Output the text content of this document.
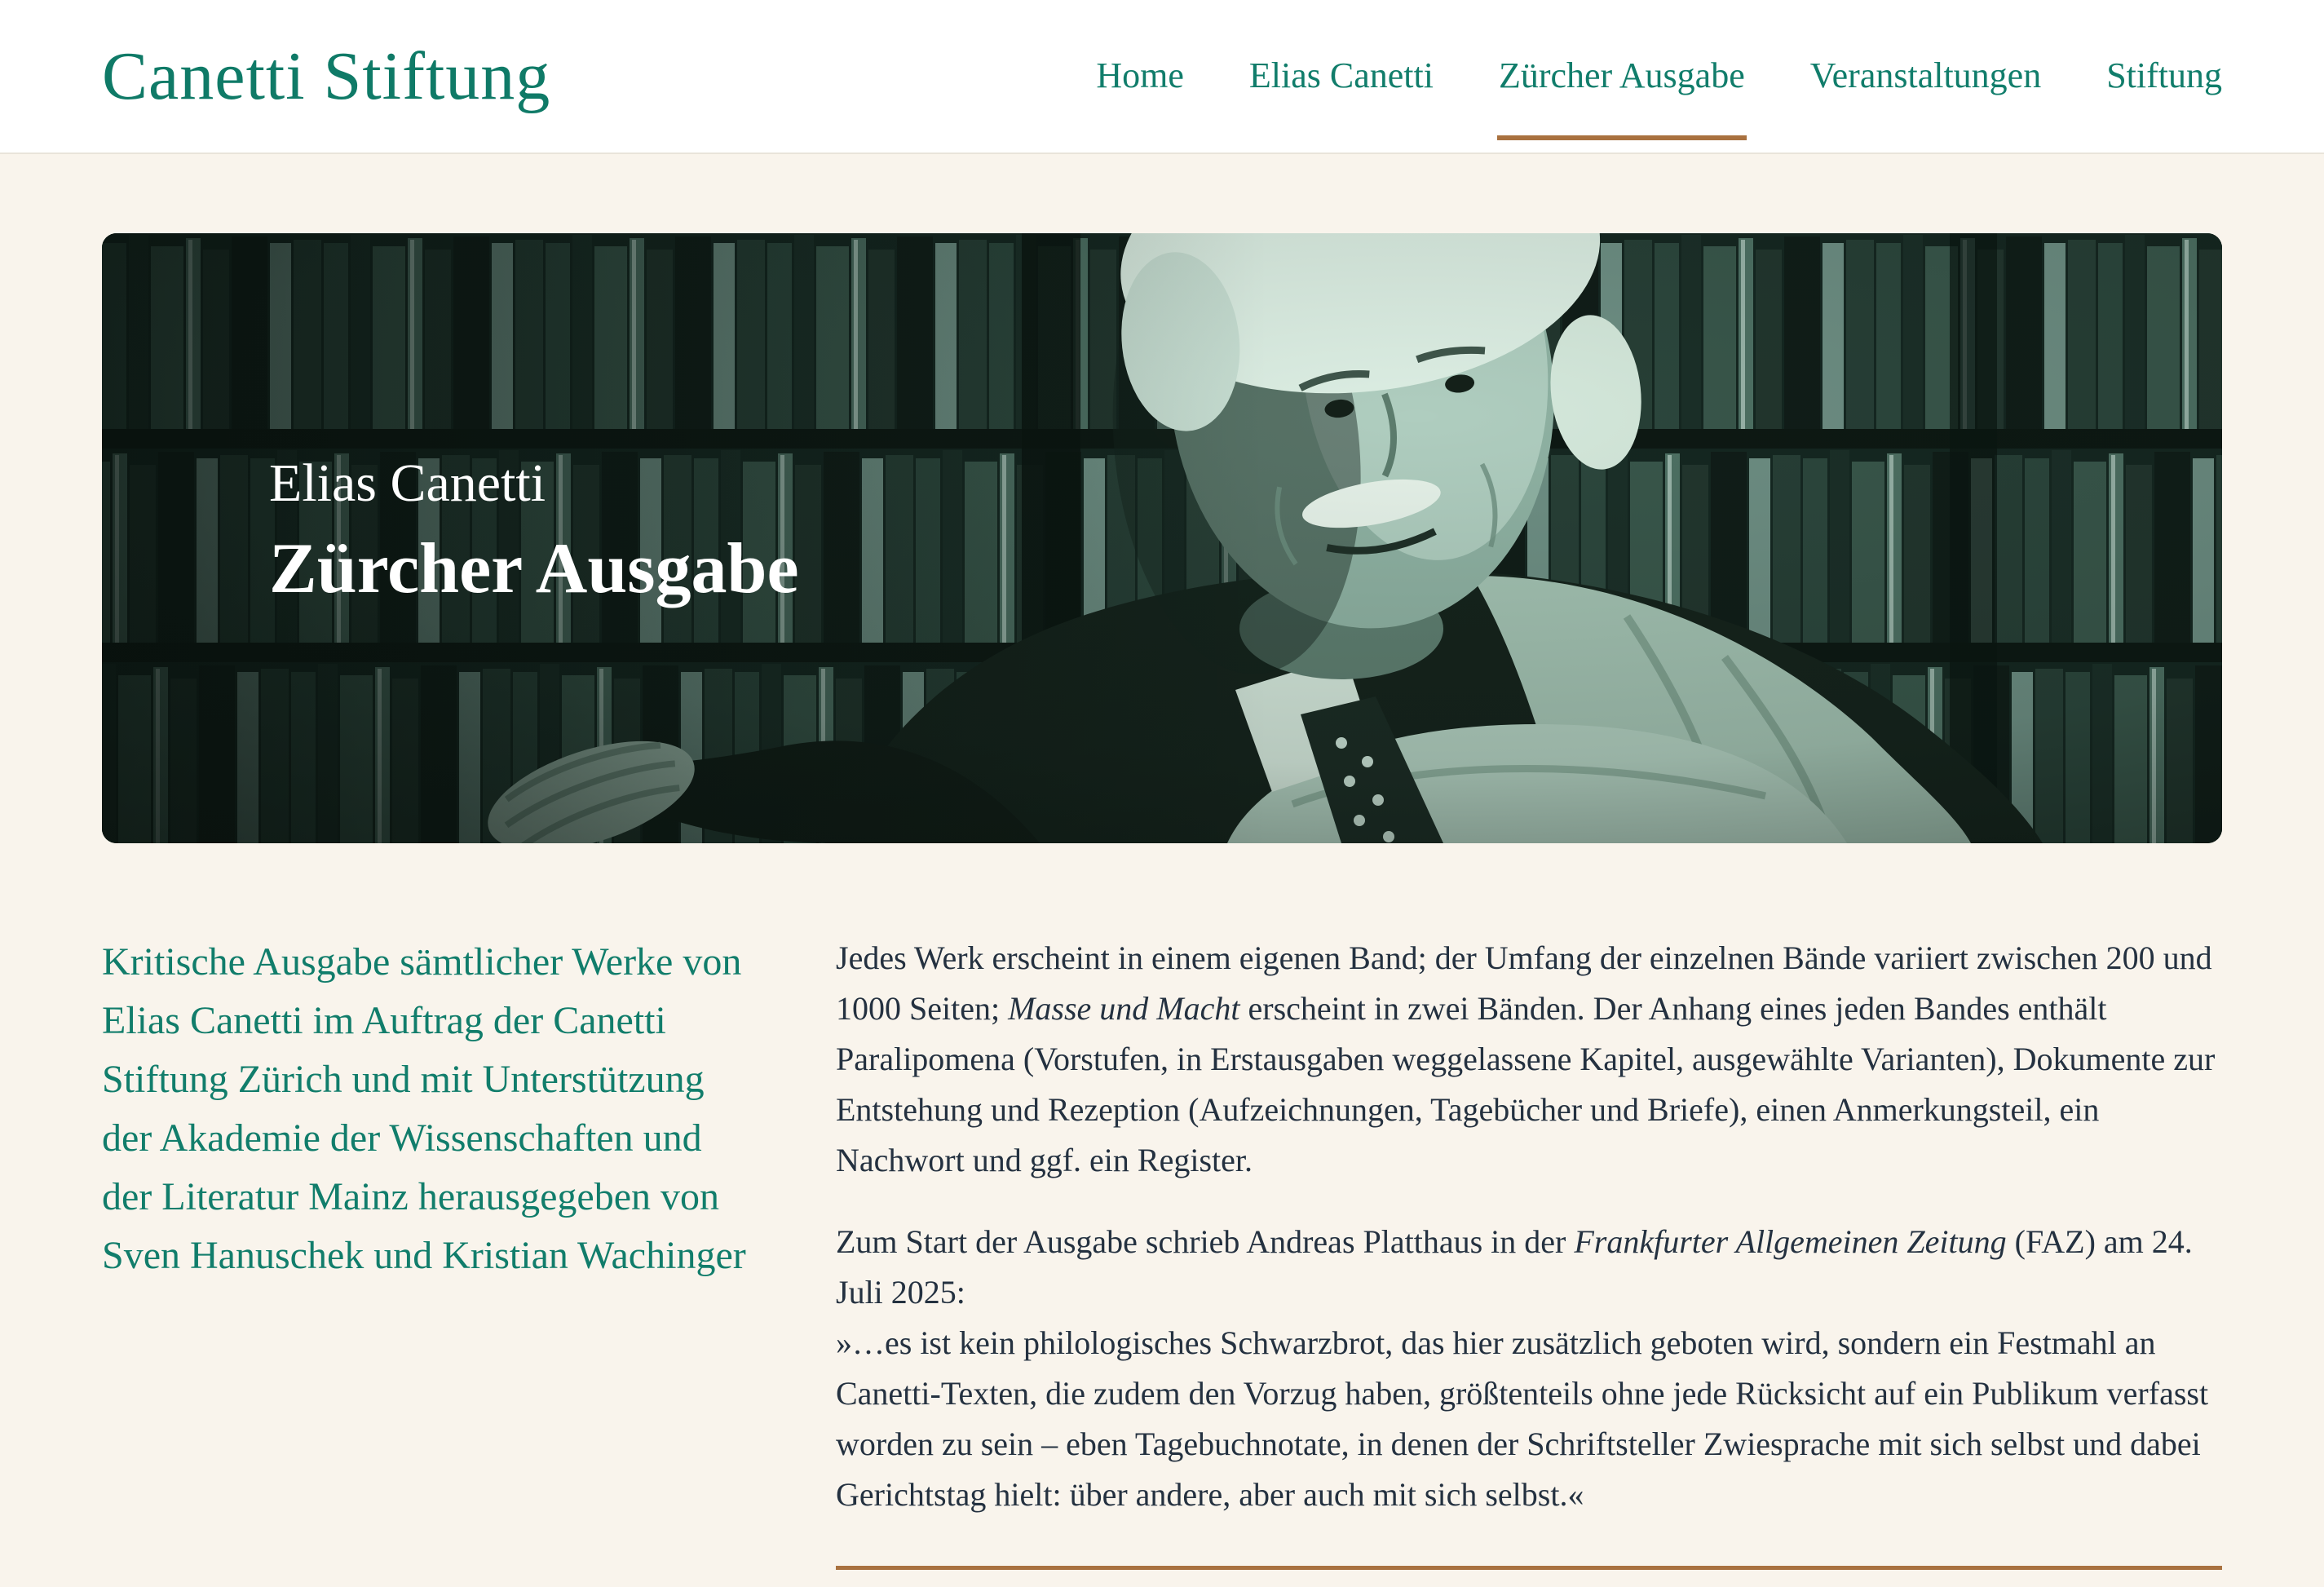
Canetti Stiftung	Home Elias Canetti Zürcher Ausgabe Veranstaltungen Stiftung
Elias Canetti
Zürcher Ausgabe
Kritische Ausgabe sämtlicher Werke von Elias Canetti im Auftrag der Canetti Stiftung Zürich und mit Unterstützung der Akademie der Wissenschaften und der Literatur Mainz herausgegeben von Sven Hanuschek und Kristian Wachinger

Jedes Werk erscheint in einem eigenen Band; der Umfang der einzelnen Bände variiert zwischen 200 und 1000 Seiten; Masse und Macht erscheint in zwei Bänden. Der Anhang eines jeden Bandes enthält Paralipomena (Vorstufen, in Erstausgaben weggelassene Kapitel, ausgewählte Varianten), Dokumente zur Entstehung und Rezeption (Aufzeichnungen, Tagebücher und Briefe), einen Anmerkungsteil, ein Nachwort und ggf. ein Register.

Zum Start der Ausgabe schrieb Andreas Platthaus in der Frankfurter Allgemeinen Zeitung (FAZ) am 24. Juli 2025:
»…es ist kein philologisches Schwarzbrot, das hier zusätzlich geboten wird, sondern ein Festmahl an Canetti-Texten, die zudem den Vorzug haben, größtenteils ohne jede Rücksicht auf ein Publikum verfasst worden zu sein – eben Tagebuchnotate, in denen der Schriftsteller Zwiesprache mit sich selbst und dabei Gerichtstag hielt: über andere, aber auch mit sich selbst.«
